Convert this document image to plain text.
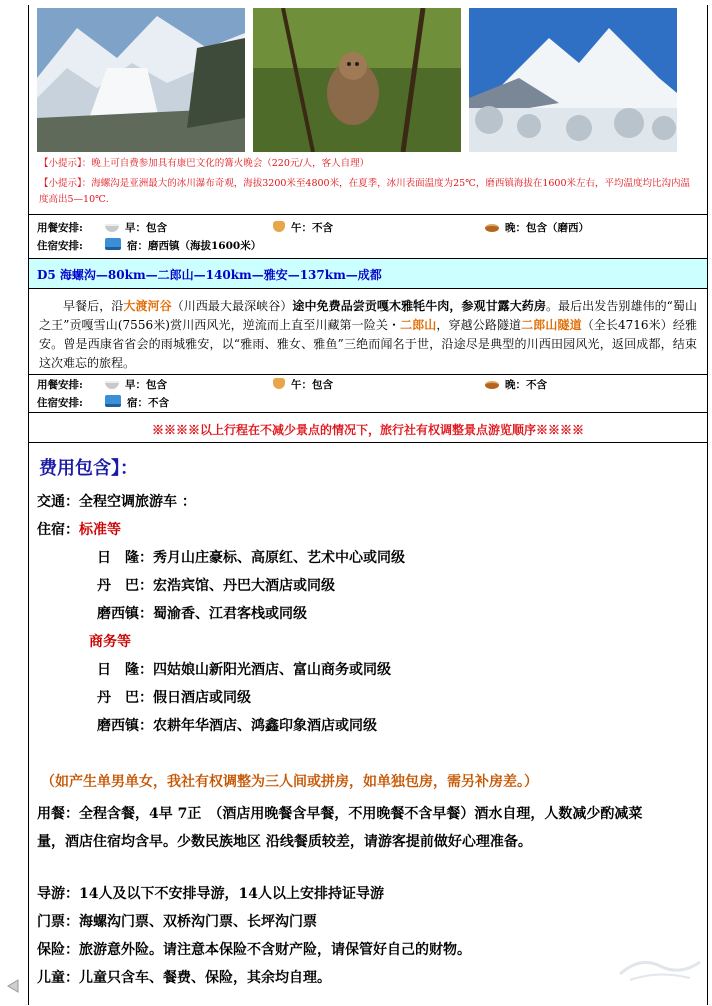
【小提示】：晚上可自费参加具有康巴文化的篝火晚会（220元/人，客人自理）
【小提示】：海螺沟是亚洲最大的冰川瀑布奇观，海拔3200米至4800米，在夏季，冰川表面温度为25℃，磨西镇海拔在1600米左右，平均温度均比沟内温度高出5—10℃.
用餐安排:	早：包含	午：不含	晚：包含（磨西）
住宿安排:	宿：磨西镇（海拔1600米）
D5 海螺沟—80km—二郎山—140km—雅安—137km—成都
早餐后，沿大渡河谷（川西最大最深峡谷）途中免费品尝贡嘎木雅牦牛肉，参观甘露大药房。最后出发告别雄伟的“蜀山之王”贡嘎雪山(7556米)赏川西风光，逆流而上直至川藏第一险关・二郎山，穿越公路隧道二郎山隧道（全长4716米）经雅安。曾是西康省省会的雨城雅安，以“雅雨、雅女、雅鱼”三绝而闻名于世，沿途尽是典型的川西田园风光，返回成都，结束这次难忘的旅程。
用餐安排:	早：包含	午：包含	晚：不含
住宿安排:	宿：不含
※※※※以上行程在不减少景点的情况下，旅行社有权调整景点游览顺序※※※※
费用包含】：
交通：全程空调旅游车 ：
住宿：标准等
日　隆：秀月山庄豪标、高原红、艺术中心或同级
丹　巴：宏浩宾馆、丹巴大酒店或同级
磨西镇：蜀渝香、江君客栈或同级
商务等
日　隆：四姑娘山新阳光酒店、富山商务或同级
丹　巴：假日酒店或同级
磨西镇：农耕年华酒店、鸿鑫印象酒店或同级
（如产生单男单女，我社有权调整为三人间或拼房，如单独包房，需另补房差。）
用餐：全程含餐，4早 7正　（酒店用晚餐含早餐，不用晚餐不含早餐）酒水自理，人数减少酌减菜
量，酒店住宿均含早。少数民族地区 沿线餐质较差，请游客提前做好心理准备。
导游：14人及以下不安排导游，14人以上安排持证导游
门票：海螺沟门票、双桥沟门票、长坪沟门票
保险：旅游意外险。请注意本保险不含财产险，请保管好自己的财物。
儿童：儿童只含车、餐费、保险，其余均自理。
